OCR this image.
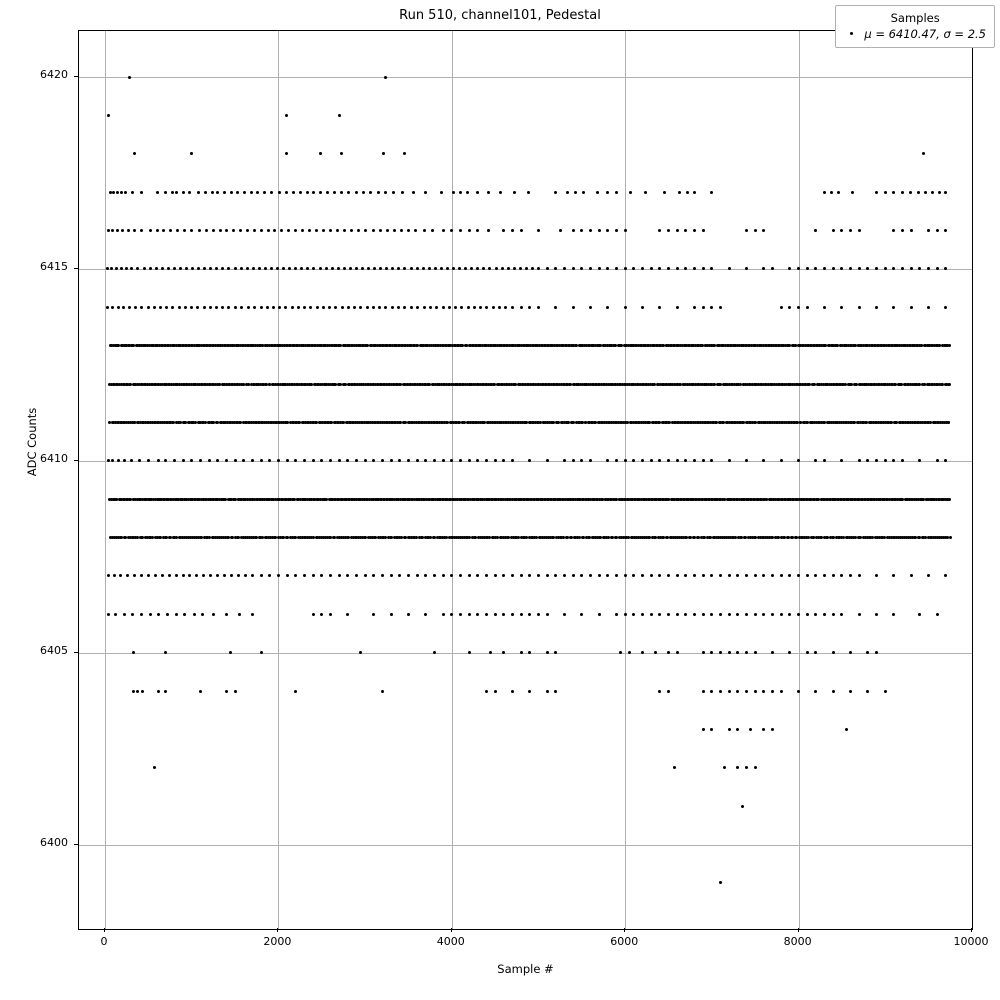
Run 510, channel101, Pedestal
0	2000	4000	6000	8000	10000
6400
6405
6410
6415
6420
Sample #
ADC Counts
Samples
μ = 6410.47, σ = 2.5
